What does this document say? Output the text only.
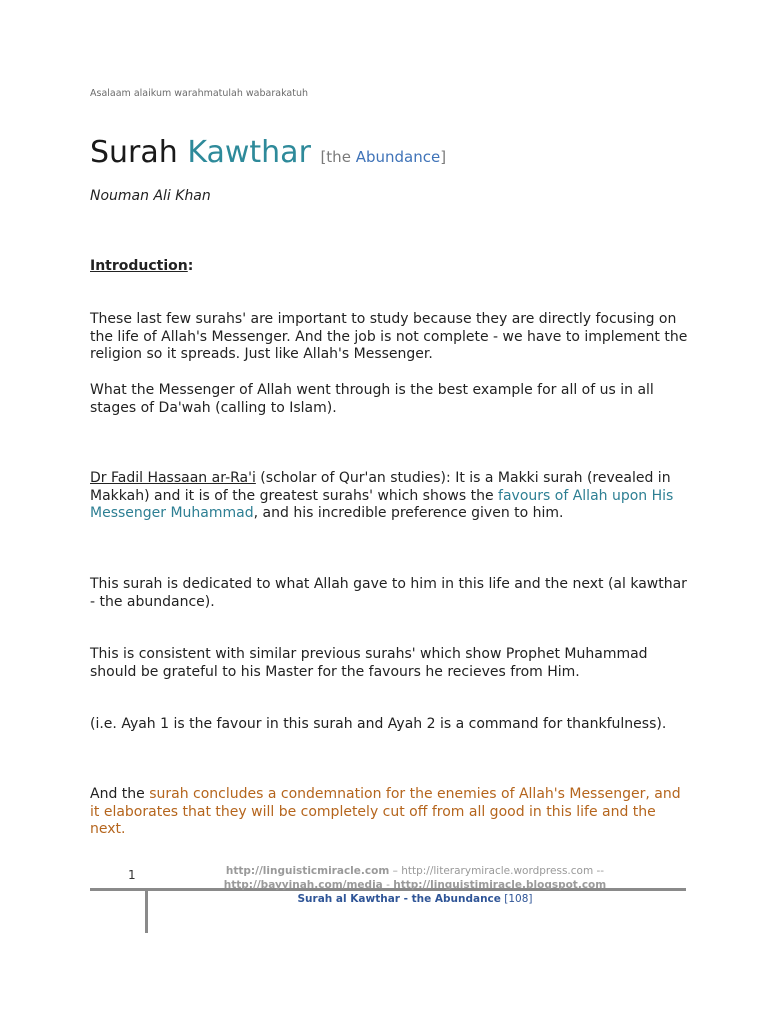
Asalaam alaikum warahmatulah wabarakatuh
Surah Kawthar [the Abundance]
Nouman Ali Khan
Introduction:
These last few surahs' are important to study because they are directly focusing on the life of Allah's Messenger. And the job is not complete - we have to implement the religion so it spreads. Just like Allah's Messenger.
What the Messenger of Allah went through is the best example for all of us in all stages of Da'wah (calling to Islam).
Dr Fadil Hassaan ar-Ra'i (scholar of Qur'an studies): It is a Makki surah (revealed in Makkah) and it is of the greatest surahs' which shows the favours of Allah upon His Messenger Muhammad, and his incredible preference given to him.
This surah is dedicated to what Allah gave to him in this life and the next (al kawthar - the abundance).
This is consistent with similar previous surahs' which show Prophet Muhammad should be grateful to his Master for the favours he recieves from Him.
(i.e. Ayah 1 is the favour in this surah and Ayah 2 is a command for thankfulness).
And the surah concludes a condemnation for the enemies of Allah's Messenger, and it elaborates that they will be completely cut off from all good in this life and the next.
1	http://linguisticmiracle.com – http://literarymiracle.wordpress.com --
http://bayyinah.com/media - http://linguistimiracle.blogspot.com
Surah al Kawthar - the Abundance [108]
